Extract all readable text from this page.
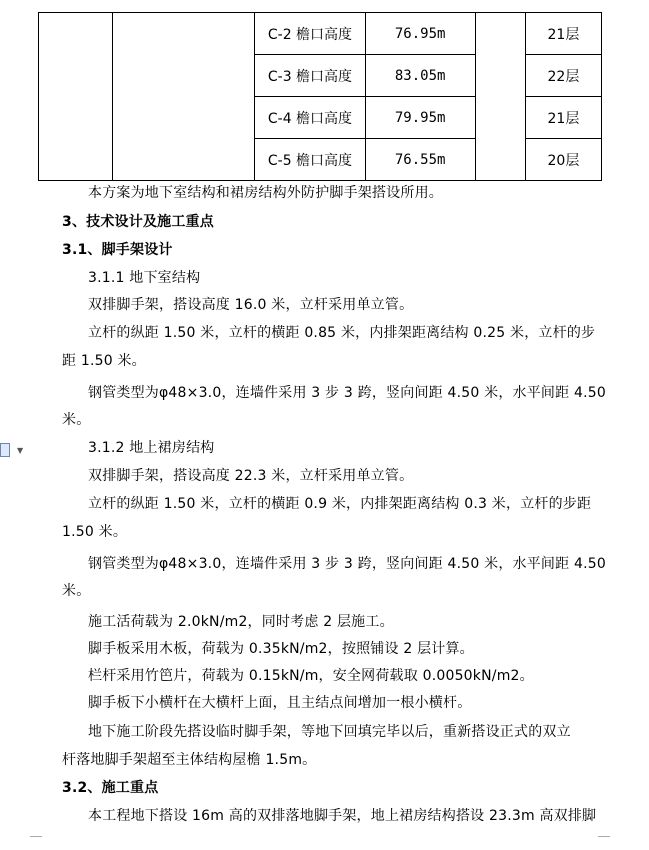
		C-2 檐口高度	76.95m		21层
		C-3 檐口高度	83.05m		22层
		C-4 檐口高度	79.95m		21层
		C-5 檐口高度	76.55m		20层
本方案为地下室结构和裙房结构外防护脚手架搭设所用。
3、技术设计及施工重点
3.1、脚手架设计
3.1.1 地下室结构
双排脚手架，搭设高度 16.0 米，立杆采用单立管。
立杆的纵距 1.50 米，立杆的横距 0.85 米，内排架距离结构 0.25 米，立杆的步
距 1.50 米。
钢管类型为φ48×3.0，连墙件采用 3 步 3 跨，竖向间距 4.50 米，水平间距 4.50
米。
▼	3.1.2 地上裙房结构
双排脚手架，搭设高度 22.3 米，立杆采用单立管。
立杆的纵距 1.50 米，立杆的横距 0.9 米，内排架距离结构 0.3 米，立杆的步距
1.50 米。
钢管类型为φ48×3.0，连墙件采用 3 步 3 跨，竖向间距 4.50 米，水平间距 4.50
米。
施工活荷载为 2.0kN/m2，同时考虑 2 层施工。
脚手板采用木板，荷载为 0.35kN/m2，按照铺设 2 层计算。
栏杆采用竹笆片，荷载为 0.15kN/m，安全网荷载取 0.0050kN/m2。
脚手板下小横杆在大横杆上面，且主结点间增加一根小横杆。
地下施工阶段先搭设临时脚手架，等地下回填完毕以后，重新搭设正式的双立
杆落地脚手架超至主体结构屋檐 1.5m。
3.2、施工重点
本工程地下搭设 16m 高的双排落地脚手架，地上裙房结构搭设 23.3m 高双排脚
